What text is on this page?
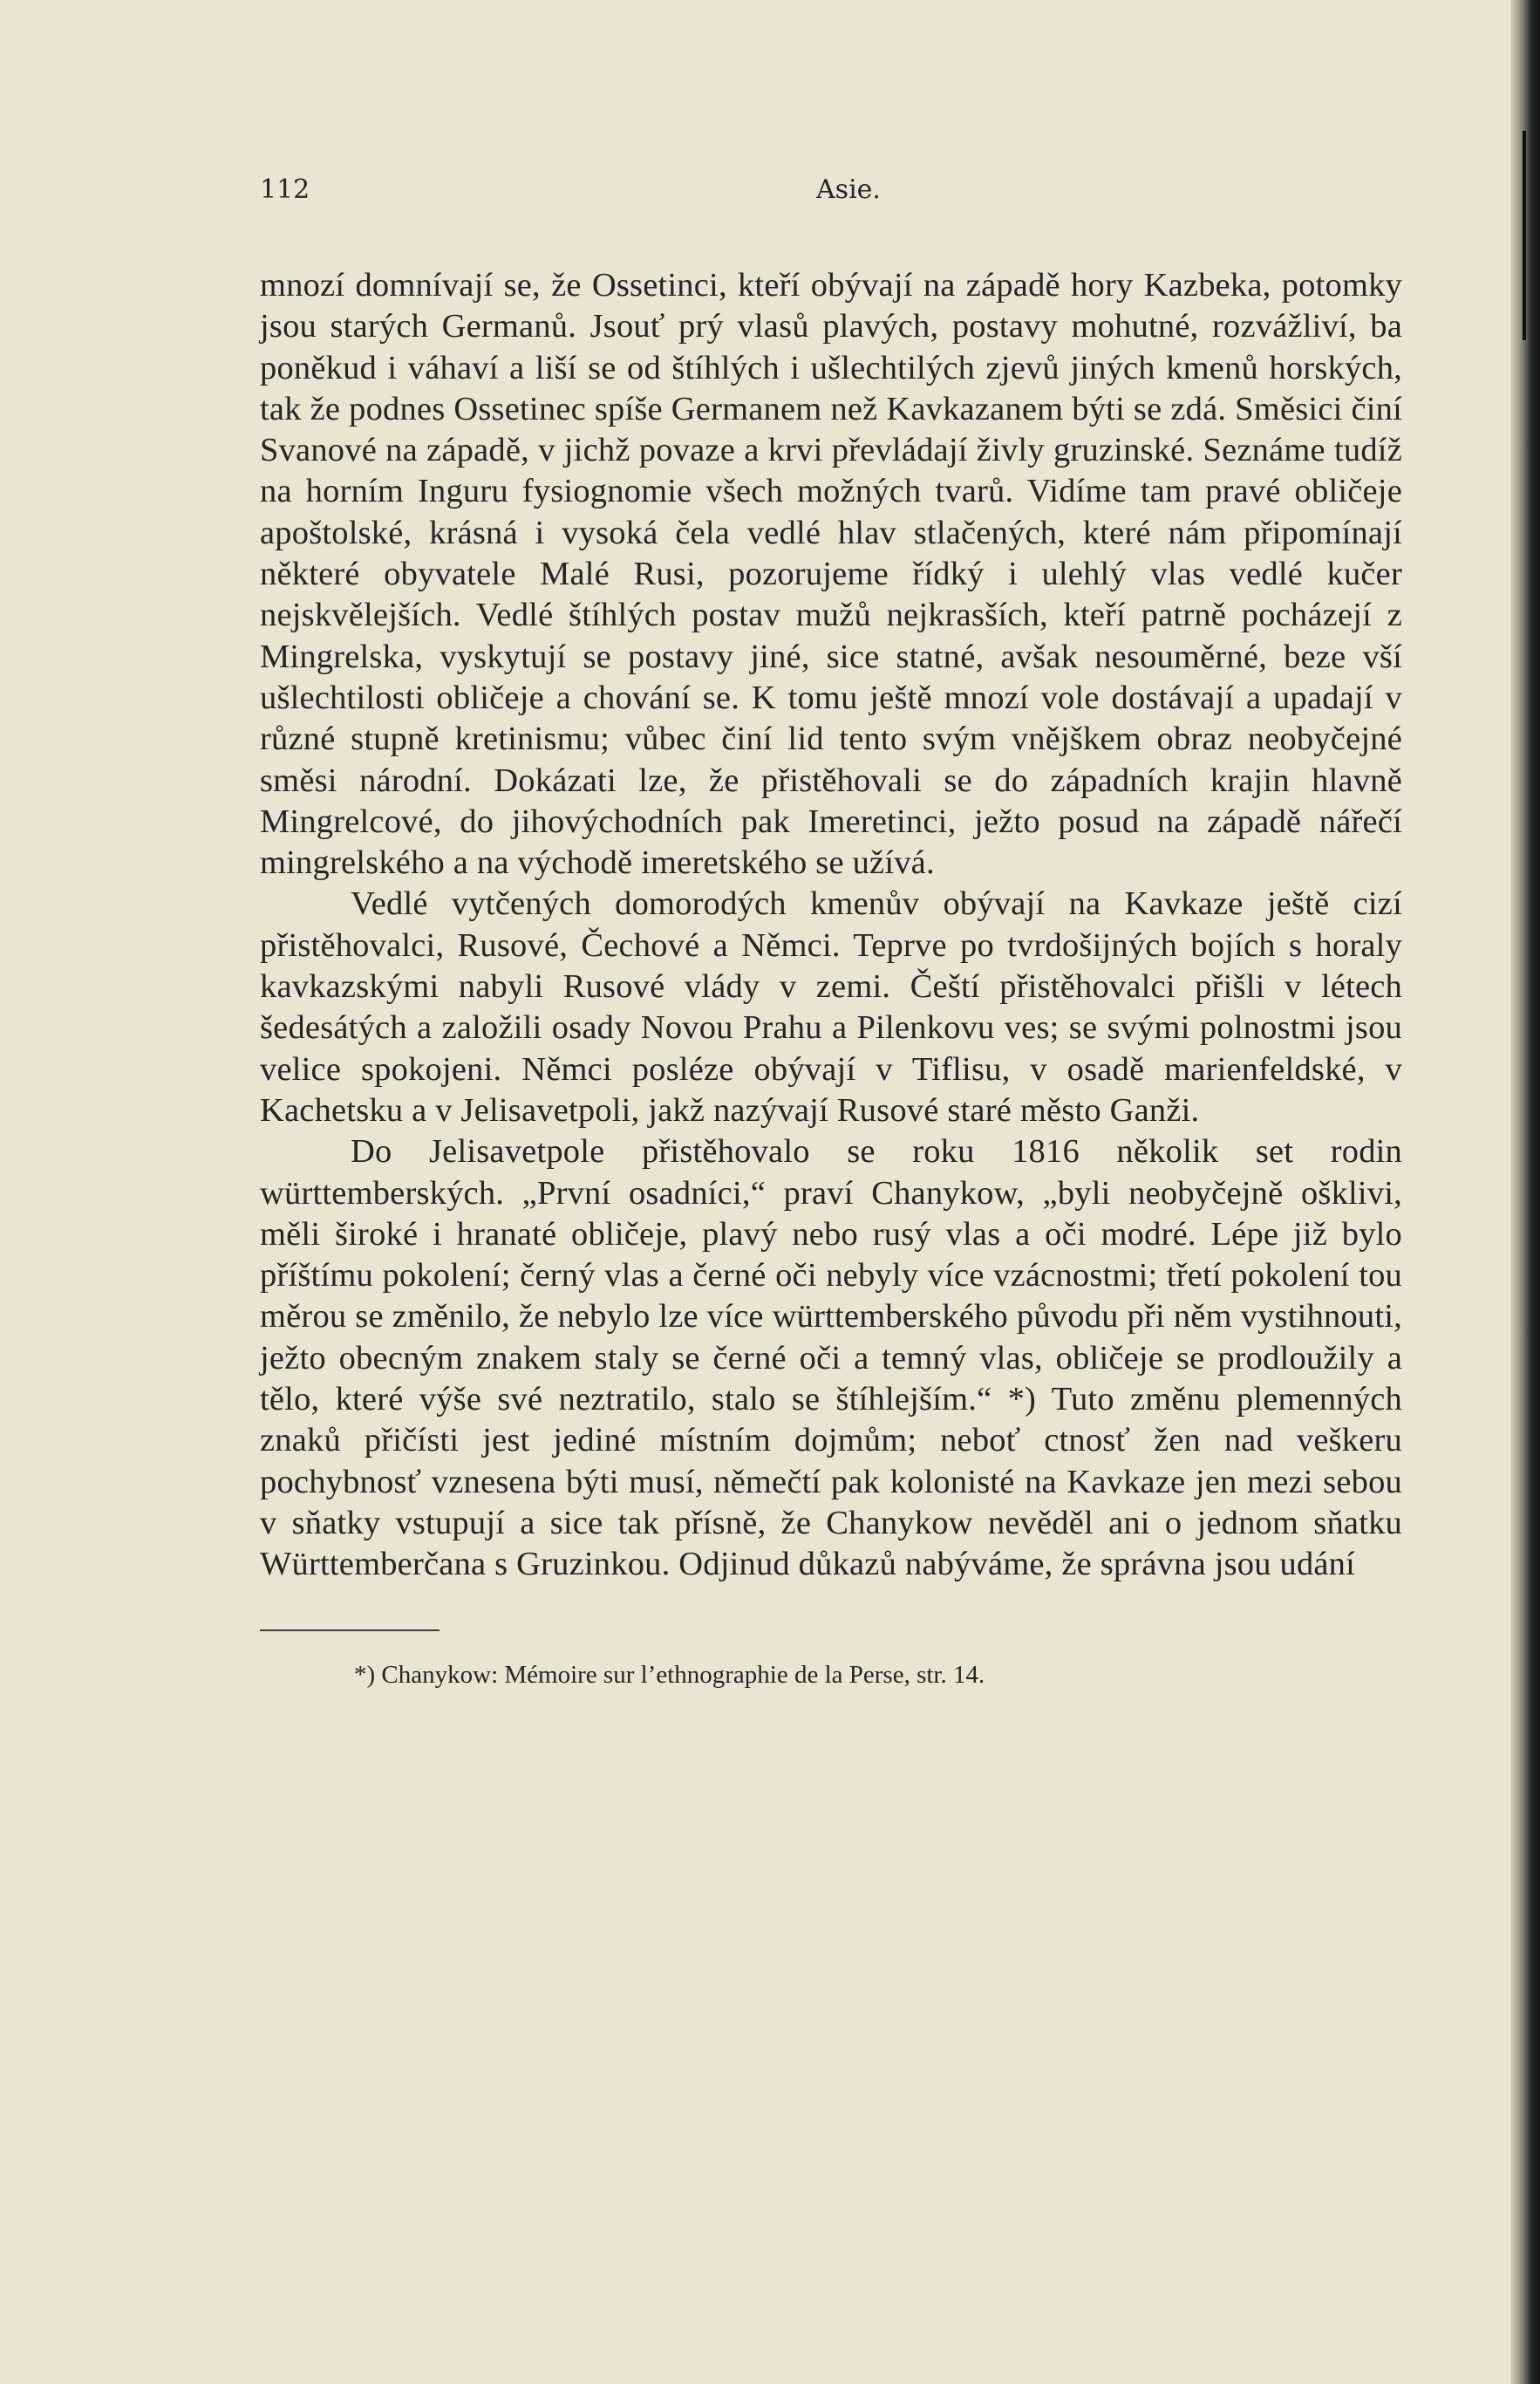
112	Asie.

mnozí domnívají se, že Ossetinci, kteří obývají na západě hory Kazbeka, potomky jsou starých Germanů. Jsouť prý vlasů plavých, postavy mohutné, rozvážliví, ba poněkud i váhaví a liší se od štíhlých i ušlechtilých zjevů jiných kmenů horských, tak že podnes Ossetinec spíše Germanem než Kavkazanem býti se zdá. Směsici činí Svanové na západě, v jichž povaze a krvi převládají živly gruzinské. Seznáme tudíž na horním Inguru fysiognomie všech možných tvarů. Vidíme tam pravé obličeje apoštolské, krásná i vysoká čela vedlé hlav stlačených, které nám připomínají některé obyvatele Malé Rusi, pozorujeme řídký i ulehlý vlas vedlé kučer nejskvělejších. Vedlé štíhlých postav mužů nejkrasších, kteří patrně pocházejí z Mingrelska, vyskytují se postavy jiné, sice statné, avšak nesouměrné, beze vší ušlechtilosti obličeje a chování se. K tomu ještě mnozí vole dostávají a upadají v různé stupně kretinismu; vůbec činí lid tento svým vnějškem obraz neobyčejné směsi národní. Dokázati lze, že přistěhovali se do západních krajin hlavně Mingrelcové, do jihovýchodních pak Imeretinci, ježto posud na západě nářečí mingrelského a na východě imeretského se užívá.

Vedlé vytčených domorodých kmenův obývají na Kavkaze ještě cizí přistěhovalci, Rusové, Čechové a Němci. Teprve po tvrdošijných bojích s horaly kavkazskými nabyli Rusové vlády v zemi. Čeští přistěhovalci přišli v létech šedesátých a založili osady Novou Prahu a Pilenkovu ves; se svými polnostmi jsou velice spokojeni. Němci posléze obývají v Tiflisu, v osadě marienfeldské, v Kachetsku a v Jelisavetpoli, jakž nazývají Rusové staré město Ganži.

Do Jelisavetpole přistěhovalo se roku 1816 několik set rodin württemberských. „První osadníci,“ praví Chanykow, „byli neobyčejně ošklivi, měli široké i hranaté obličeje, plavý nebo rusý vlas a oči modré. Lépe již bylo příštímu pokolení; černý vlas a černé oči nebyly více vzácnostmi; třetí pokolení tou měrou se změnilo, že nebylo lze více württemberského původu při něm vystihnouti, ježto obecným znakem staly se černé oči a temný vlas, obličeje se prodloužily a tělo, které výše své neztratilo, stalo se štíhlejším.“ *) Tuto změnu plemenných znaků přičísti jest jediné místním dojmům; neboť ctnosť žen nad veškeru pochybnosť vznesena býti musí, němečtí pak kolonisté na Kavkaze jen mezi sebou v sňatky vstupují a sice tak přísně, že Chanykow nevěděl ani o jednom sňatku Württemberčana s Gruzinkou. Odjinud důkazů nabýváme, že správna jsou udání

*) Chanykow: Mémoire sur l’ethnographie de la Perse, str. 14.
